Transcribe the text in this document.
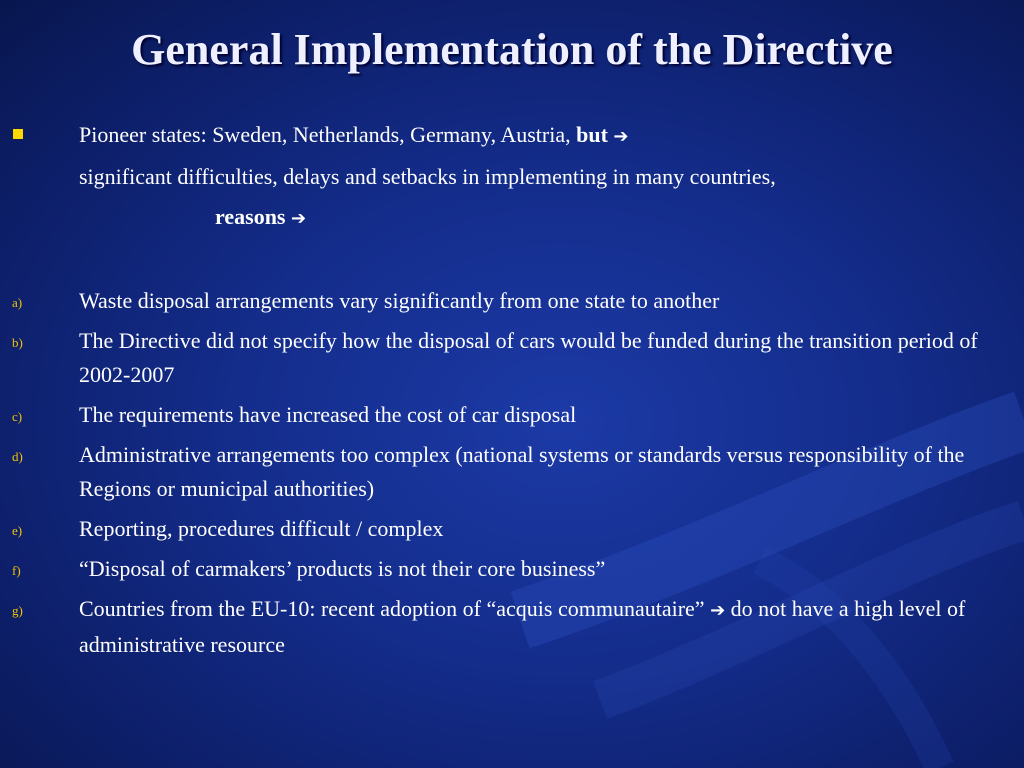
General Implementation of the Directive
Pioneer states: Sweden, Netherlands, Germany, Austria, but ➔
significant difficulties, delays and setbacks in implementing in many countries,
reasons ➔
a)	Waste disposal arrangements vary significantly from one state to another
b)	The Directive did not specify how the disposal of cars would be funded during the transition period of 2002-2007
c)	The requirements have increased the cost of car disposal
d)	Administrative arrangements too complex (national systems or standards versus responsibility of the Regions or municipal authorities)
e)	Reporting, procedures difficult / complex
f)	“Disposal of carmakers’ products is not their core business”
g)	Countries from the EU-10: recent adoption of “acquis communautaire” ➔ do not have a high level of administrative resource
